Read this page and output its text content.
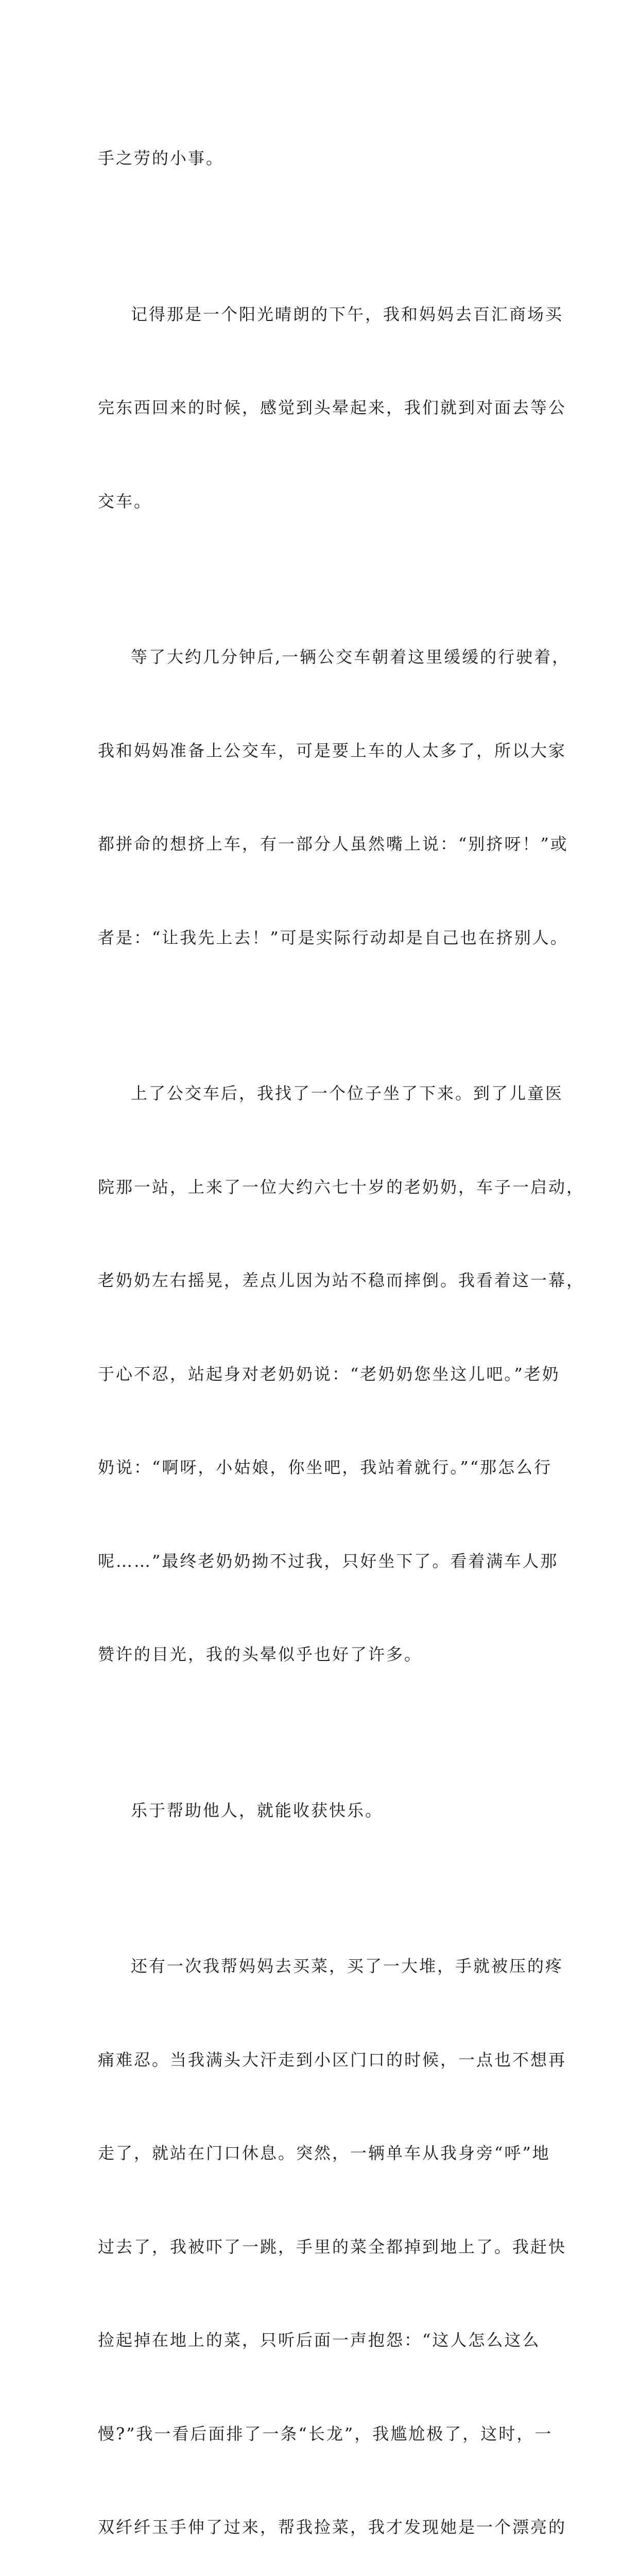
手之劳的小事。

记得那是一个阳光晴朗的下午，我和妈妈去百汇商场买

完东西回来的时候，感觉到头晕起来，我们就到对面去等公

交车。

等了大约几分钟后,一辆公交车朝着这里缓缓的行驶着，

我和妈妈准备上公交车，可是要上车的人太多了，所以大家

都拼命的想挤上车，有一部分人虽然嘴上说：“别挤呀！”或

者是：“让我先上去！”可是实际行动却是自己也在挤别人。

上了公交车后，我找了一个位子坐了下来。到了儿童医

院那一站，上来了一位大约六七十岁的老奶奶，车子一启动，

老奶奶左右摇晃，差点儿因为站不稳而摔倒。我看着这一幕，

于心不忍，站起身对老奶奶说：“老奶奶您坐这儿吧。”老奶

奶说：“啊呀，小姑娘，你坐吧，我站着就行。”“那怎么行

呢……”最终老奶奶拗不过我，只好坐下了。看着满车人那

赞许的目光，我的头晕似乎也好了许多。

乐于帮助他人，就能收获快乐。

还有一次我帮妈妈去买菜，买了一大堆，手就被压的疼

痛难忍。当我满头大汗走到小区门口的时候，一点也不想再

走了，就站在门口休息。突然，一辆单车从我身旁“呼”地

过去了，我被吓了一跳，手里的菜全都掉到地上了。我赶快

捡起掉在地上的菜，只听后面一声抱怨：“这人怎么这么

慢?”我一看后面排了一条“长龙”，我尴尬极了，这时，一

双纤纤玉手伸了过来，帮我捡菜，我才发现她是一个漂亮的
